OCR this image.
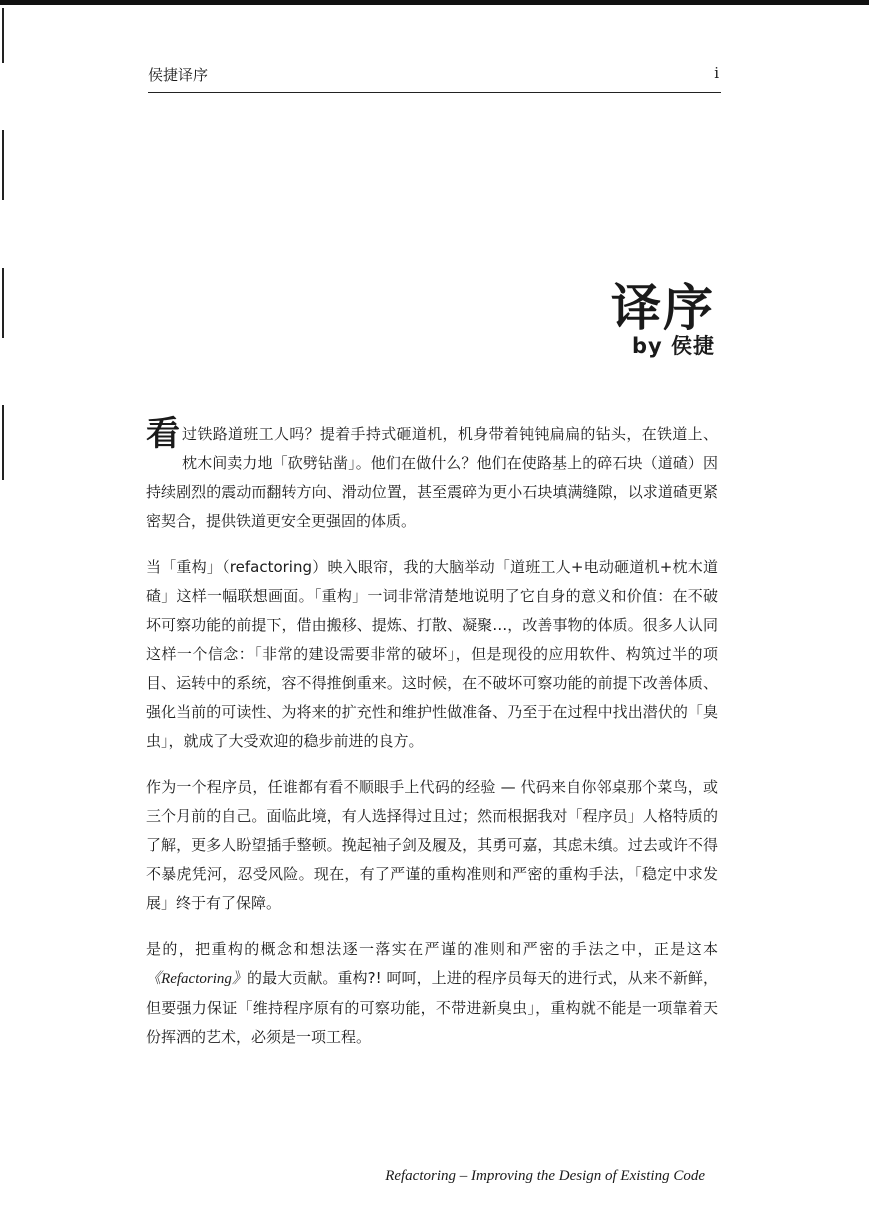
侯捷译序	i
译序
by 侯捷

看过铁路道班工人吗？提着手持式砸道机，机身带着钝钝扁扁的钻头，在铁道上、枕木间卖力地「砍劈钻凿」。他们在做什么？他们在使路基上的碎石块（道碴）因持续剧烈的震动而翻转方向、滑动位置，甚至震碎为更小石块填满缝隙，以求道碴更紧密契合，提供铁道更安全更强固的体质。

当「重构」（refactoring）映入眼帘，我的大脑举动「道班工人+电动砸道机+枕木道碴」这样一幅联想画面。「重构」一词非常清楚地说明了它自身的意义和价值：在不破坏可察功能的前提下，借由搬移、提炼、打散、凝聚…，改善事物的体质。很多人认同这样一个信念：「非常的建设需要非常的破坏」，但是现役的应用软件、构筑过半的项目、运转中的系统，容不得推倒重来。这时候，在不破坏可察功能的前提下改善体质、强化当前的可读性、为将来的扩充性和维护性做准备、乃至于在过程中找出潜伏的「臭虫」，就成了大受欢迎的稳步前进的良方。

作为一个程序员，任谁都有看不顺眼手上代码的经验 — 代码来自你邻桌那个菜鸟，或三个月前的自己。面临此境，有人选择得过且过；然而根据我对「程序员」人格特质的了解，更多人盼望插手整顿。挽起袖子剑及履及，其勇可嘉，其虑未缜。过去或许不得不暴虎凭河，忍受风险。现在，有了严谨的重构准则和严密的重构手法，「稳定中求发展」终于有了保障。

是的，把重构的概念和想法逐一落实在严谨的准则和严密的手法之中，正是这本《Refactoring》的最大贡献。重构?! 呵呵，上进的程序员每天的进行式，从来不新鲜，但要强力保证「维持程序原有的可察功能，不带进新臭虫」，重构就不能是一项靠着天份挥洒的艺术，必须是一项工程。

Refactoring – Improving the Design of Existing Code
